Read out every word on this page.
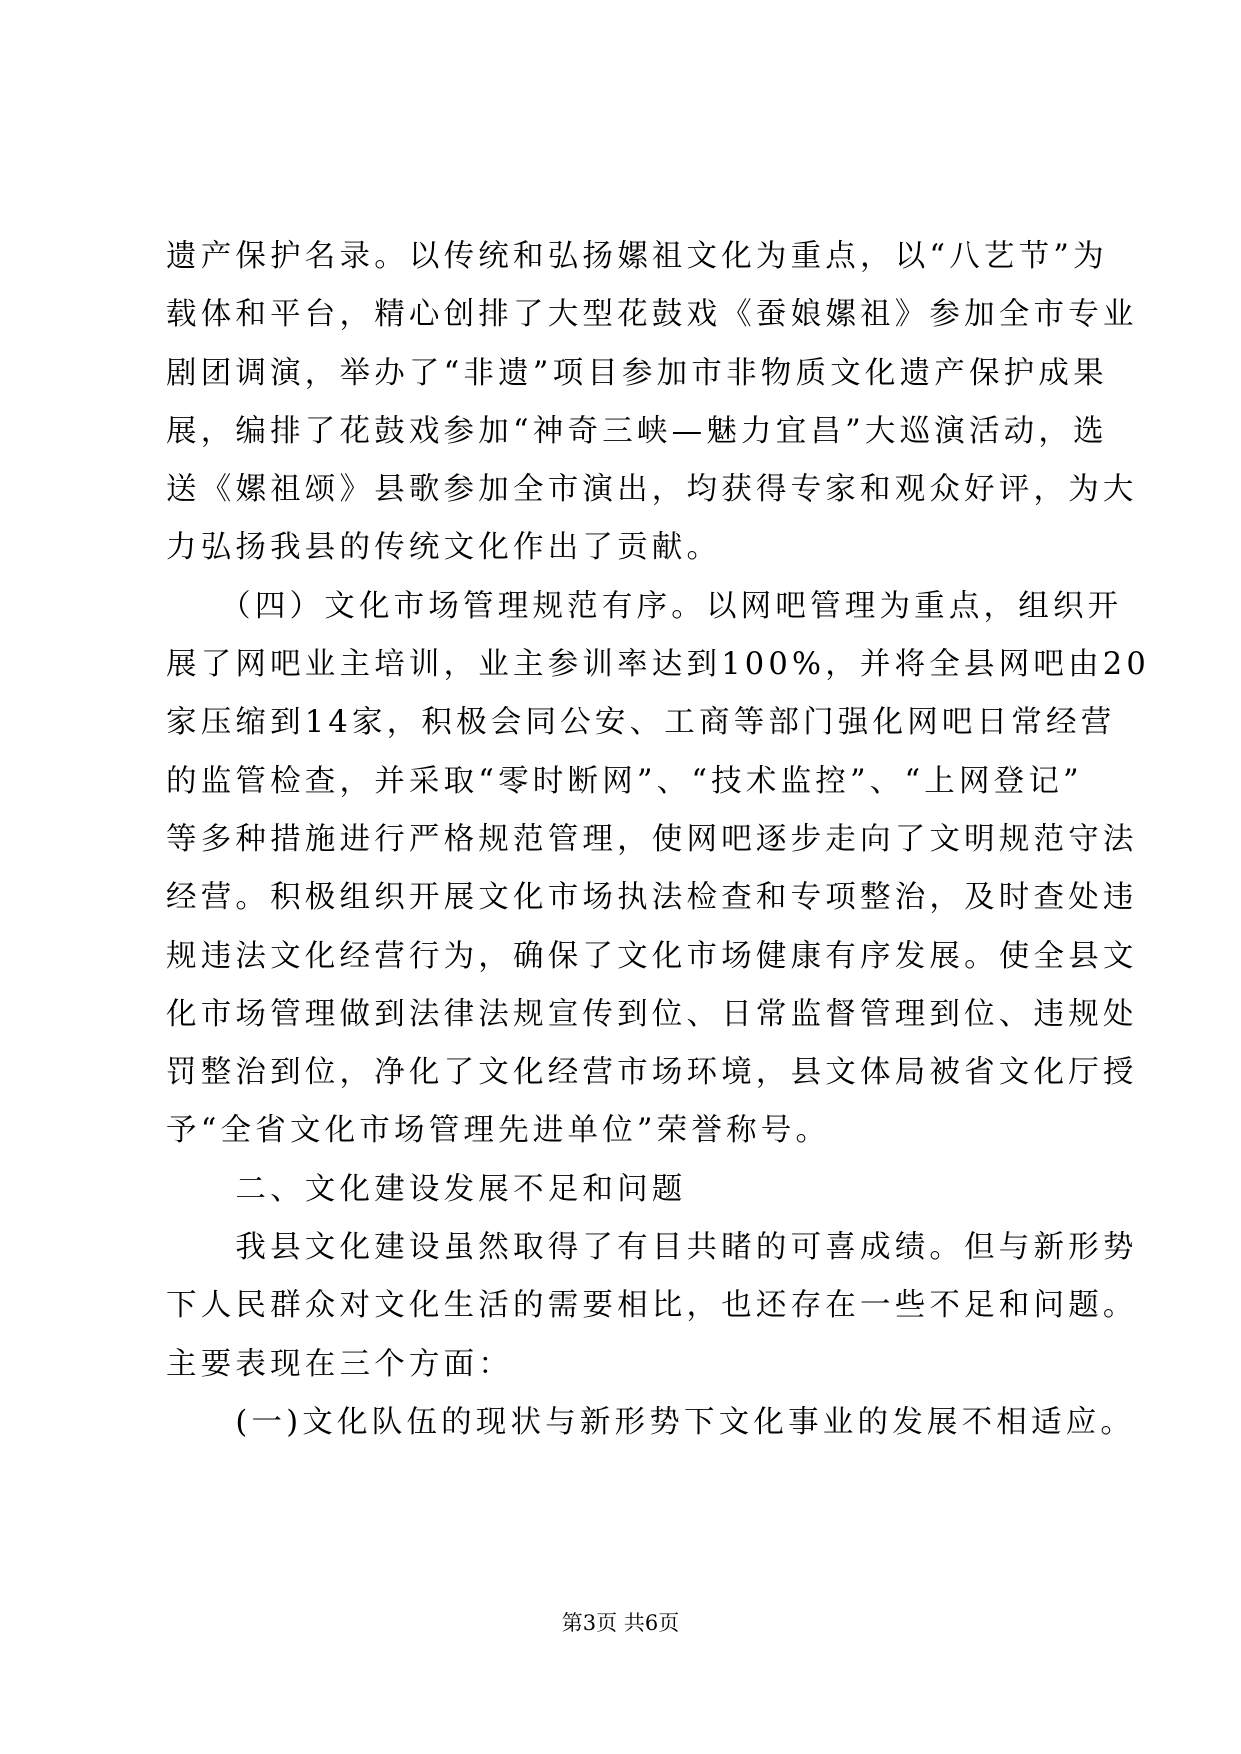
遗产保护名录。以传统和弘扬嫘祖文化为重点，以“八艺节”为
载体和平台，精心创排了大型花鼓戏《蚕娘嫘祖》参加全市专业
剧团调演，举办了“非遗”项目参加市非物质文化遗产保护成果
展，编排了花鼓戏参加“神奇三峡—魅力宜昌”大巡演活动，选
送《嫘祖颂》县歌参加全市演出，均获得专家和观众好评，为大
力弘扬我县的传统文化作出了贡献。
　　（四）文化市场管理规范有序。以网吧管理为重点，组织开
展了网吧业主培训，业主参训率达到100%，并将全县网吧由20
家压缩到14家，积极会同公安、工商等部门强化网吧日常经营
的监管检查，并采取“零时断网”、“技术监控”、“上网登记”
等多种措施进行严格规范管理，使网吧逐步走向了文明规范守法
经营。积极组织开展文化市场执法检查和专项整治，及时查处违
规违法文化经营行为，确保了文化市场健康有序发展。使全县文
化市场管理做到法律法规宣传到位、日常监督管理到位、违规处
罚整治到位，净化了文化经营市场环境，县文体局被省文化厅授
予“全省文化市场管理先进单位”荣誉称号。
　　二、文化建设发展不足和问题
　　我县文化建设虽然取得了有目共睹的可喜成绩。但与新形势
下人民群众对文化生活的需要相比，也还存在一些不足和问题。
主要表现在三个方面：
　　(一)文化队伍的现状与新形势下文化事业的发展不相适应。
第3页 共6页
